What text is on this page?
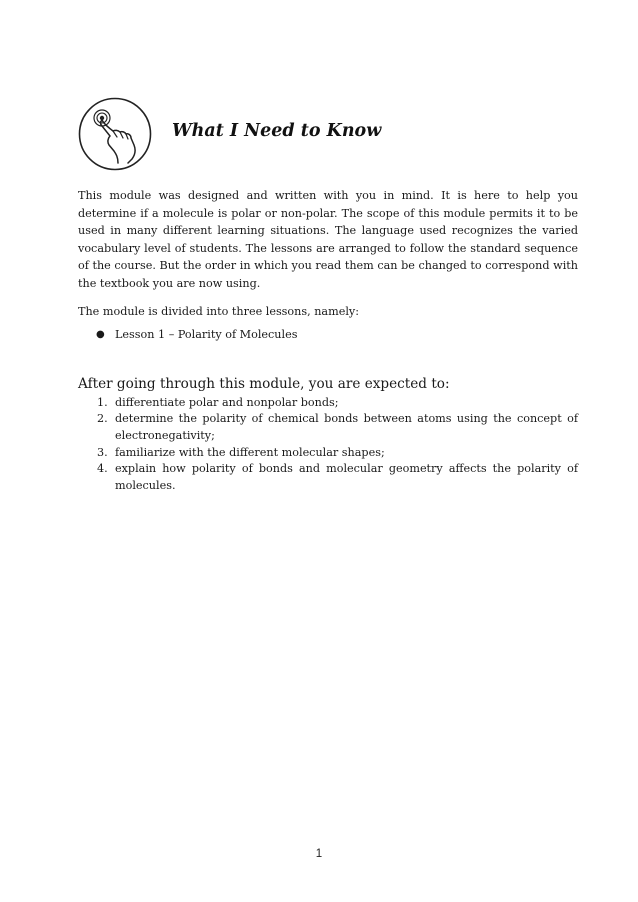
What I Need to Know

This module was designed and written with you in mind. It is here to help you determine if a molecule is polar or non-polar. The scope of this module permits it to be used in many different learning situations. The language used recognizes the varied vocabulary level of students. The lessons are arranged to follow the standard sequence of the course. But the order in which you read them can be changed to correspond with the textbook you are now using.

The module is divided into three lessons, namely:

● Lesson 1 – Polarity of Molecules

After going through this module, you are expected to:

1. differentiate polar and nonpolar bonds;
2. determine the polarity of chemical bonds between atoms using the concept of electronegativity;
3. familiarize with the different molecular shapes;
4. explain how polarity of bonds and molecular geometry affects the polarity of molecules.
1
